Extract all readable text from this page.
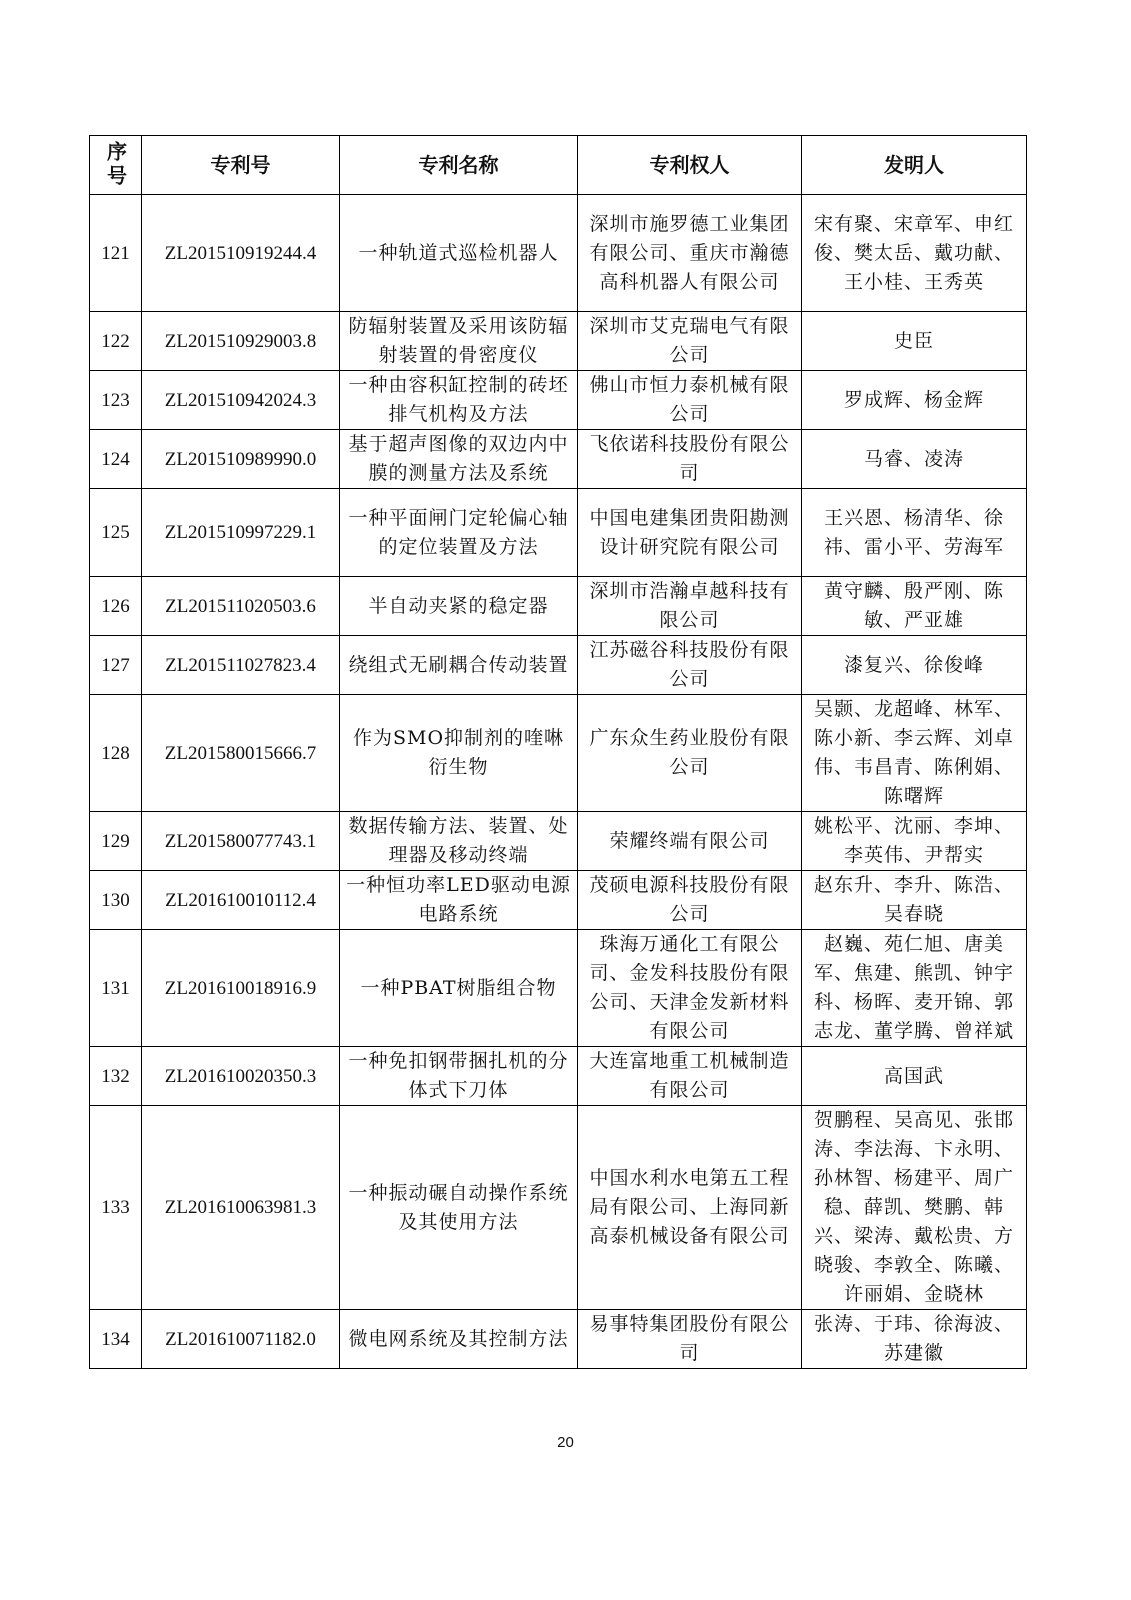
序号	专利号	专利名称	专利权人	发明人
121	ZL201510919244.4	一种轨道式巡检机器人	深圳市施罗德工业集团有限公司、重庆市瀚德高科机器人有限公司	宋有聚、宋章军、申红俊、樊太岳、戴功献、王小桂、王秀英
122	ZL201510929003.8	防辐射装置及采用该防辐射装置的骨密度仪	深圳市艾克瑞电气有限公司	史臣
123	ZL201510942024.3	一种由容积缸控制的砖坯排气机构及方法	佛山市恒力泰机械有限公司	罗成辉、杨金辉
124	ZL201510989990.0	基于超声图像的双边内中膜的测量方法及系统	飞依诺科技股份有限公司	马睿、凌涛
125	ZL201510997229.1	一种平面闸门定轮偏心轴的定位装置及方法	中国电建集团贵阳勘测设计研究院有限公司	王兴恩、杨清华、徐祎、雷小平、劳海军
126	ZL201511020503.6	半自动夹紧的稳定器	深圳市浩瀚卓越科技有限公司	黄守麟、殷严刚、陈敏、严亚雄
127	ZL201511027823.4	绕组式无刷耦合传动装置	江苏磁谷科技股份有限公司	漆复兴、徐俊峰
128	ZL201580015666.7	作为SMO抑制剂的喹啉衍生物	广东众生药业股份有限公司	吴颢、龙超峰、林军、陈小新、李云辉、刘卓伟、韦昌青、陈俐娟、陈曙辉
129	ZL201580077743.1	数据传输方法、装置、处理器及移动终端	荣耀终端有限公司	姚松平、沈丽、李坤、李英伟、尹帮实
130	ZL201610010112.4	一种恒功率LED驱动电源电路系统	茂硕电源科技股份有限公司	赵东升、李升、陈浩、吴春晓
131	ZL201610018916.9	一种PBAT树脂组合物	珠海万通化工有限公司、金发科技股份有限公司、天津金发新材料有限公司	赵巍、苑仁旭、唐美军、焦建、熊凯、钟宇科、杨晖、麦开锦、郭志龙、董学腾、曾祥斌
132	ZL201610020350.3	一种免扣钢带捆扎机的分体式下刀体	大连富地重工机械制造有限公司	高国武
133	ZL201610063981.3	一种振动碾自动操作系统及其使用方法	中国水利水电第五工程局有限公司、上海同新高泰机械设备有限公司	贺鹏程、吴高见、张邯涛、李法海、卞永明、孙林智、杨建平、周广稳、薛凯、樊鹏、韩兴、梁涛、戴松贵、方晓骏、李敦全、陈曦、许丽娟、金晓林
134	ZL201610071182.0	微电网系统及其控制方法	易事特集团股份有限公司	张涛、于玮、徐海波、苏建徽
20
